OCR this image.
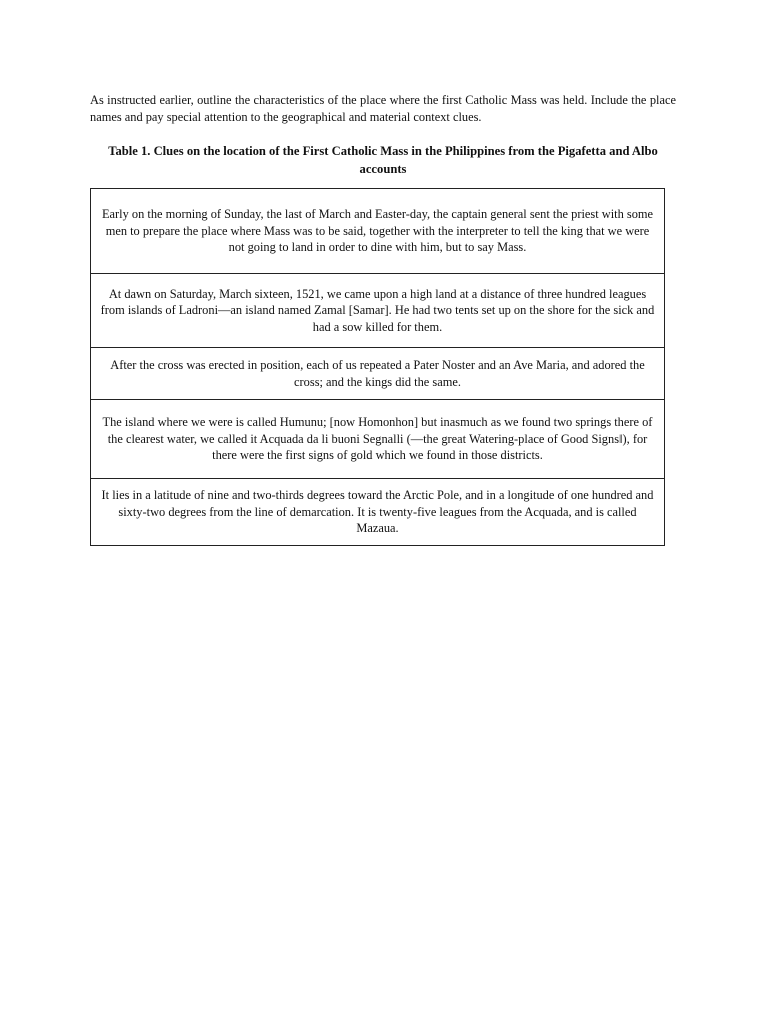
As instructed earlier, outline the characteristics of the place where the first Catholic Mass was held. Include the place names and pay special attention to the geographical and material context clues.

Table 1. Clues on the location of the First Catholic Mass in the Philippines from the Pigafetta and Albo accounts
Early on the morning of Sunday, the last of March and Easter-day, the captain general sent the priest with some men to prepare the place where Mass was to be said, together with the interpreter to tell the king that we were not going to land in order to dine with him, but to say Mass.
At dawn on Saturday, March sixteen, 1521, we came upon a high land at a distance of three hundred leagues from islands of Ladroni—an island named Zamal [Samar]. He had two tents set up on the shore for the sick and had a sow killed for them.
After the cross was erected in position, each of us repeated a Pater Noster and an Ave Maria, and adored the cross; and the kings did the same.
The island where we were is called Humunu; [now Homonhon] but inasmuch as we found two springs there of the clearest water, we called it Acquada da li buoni Segnalli (―the great Watering-place of Good Signs‖), for there were the first signs of gold which we found in those districts.
It lies in a latitude of nine and two-thirds degrees toward the Arctic Pole, and in a longitude of one hundred and sixty-two degrees from the line of demarcation. It is twenty-five leagues from the Acquada, and is called Mazaua.
